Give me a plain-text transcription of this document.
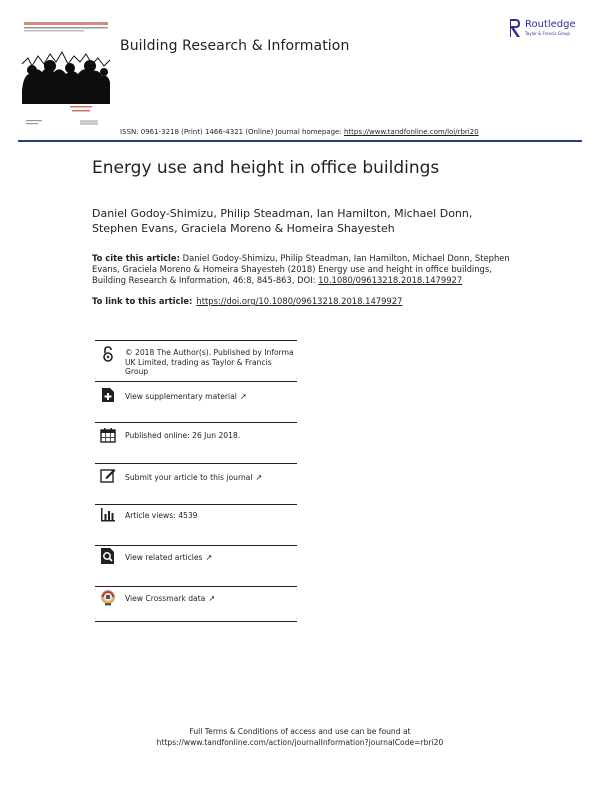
Building Research & Information
Routledge
Taylor & Francis Group
ISSN: 0961-3218 (Print) 1466-4321 (Online) Journal homepage: https://www.tandfonline.com/loi/rbri20
Energy use and height in office buildings
Daniel Godoy-Shimizu, Philip Steadman, Ian Hamilton, Michael Donn,
Stephen Evans, Graciela Moreno & Homeira Shayesteh
To cite this article: Daniel Godoy-Shimizu, Philip Steadman, Ian Hamilton, Michael Donn, Stephen Evans, Graciela Moreno & Homeira Shayesteh (2018) Energy use and height in office buildings, Building Research & Information, 46:8, 845-863, DOI: 10.1080/09613218.2018.1479927
To link to this article: https://doi.org/10.1080/09613218.2018.1479927
© 2018 The Author(s). Published by Informa UK Limited, trading as Taylor & Francis Group
View supplementary material ↗
Published online: 26 Jun 2018.
Submit your article to this journal ↗
Article views: 4539
View related articles ↗
View Crossmark data ↗
Full Terms & Conditions of access and use can be found at
https://www.tandfonline.com/action/journalInformation?journalCode=rbri20
